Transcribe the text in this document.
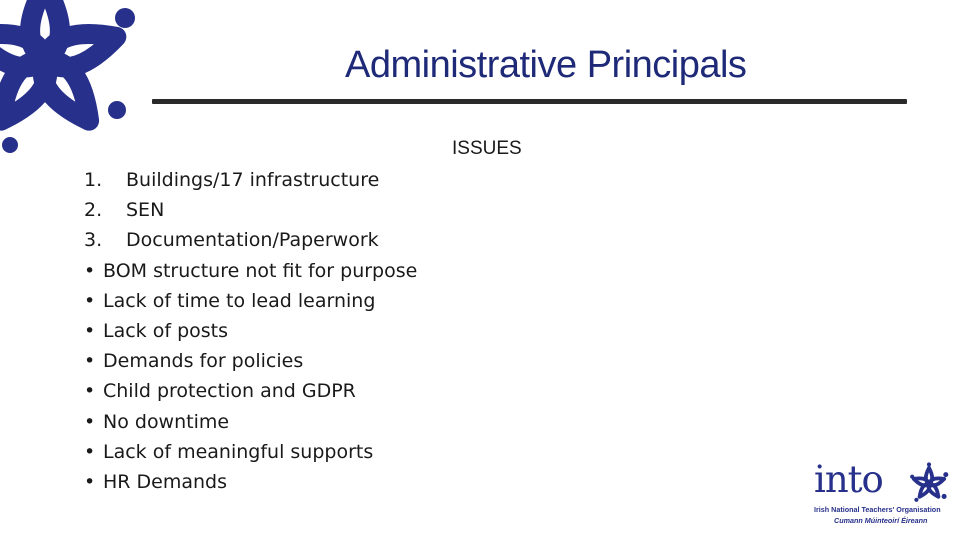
Administrative Principals
ISSUES
1. Buildings/17 infrastructure
2. SEN
3. Documentation/Paperwork
• BOM structure not fit for purpose
• Lack of time to lead learning
• Lack of posts
• Demands for policies
• Child protection and GDPR
• No downtime
• Lack of meaningful supports
• HR Demands	into
Irish National Teachers' Organisation
Cumann Múinteoirí Éireann
